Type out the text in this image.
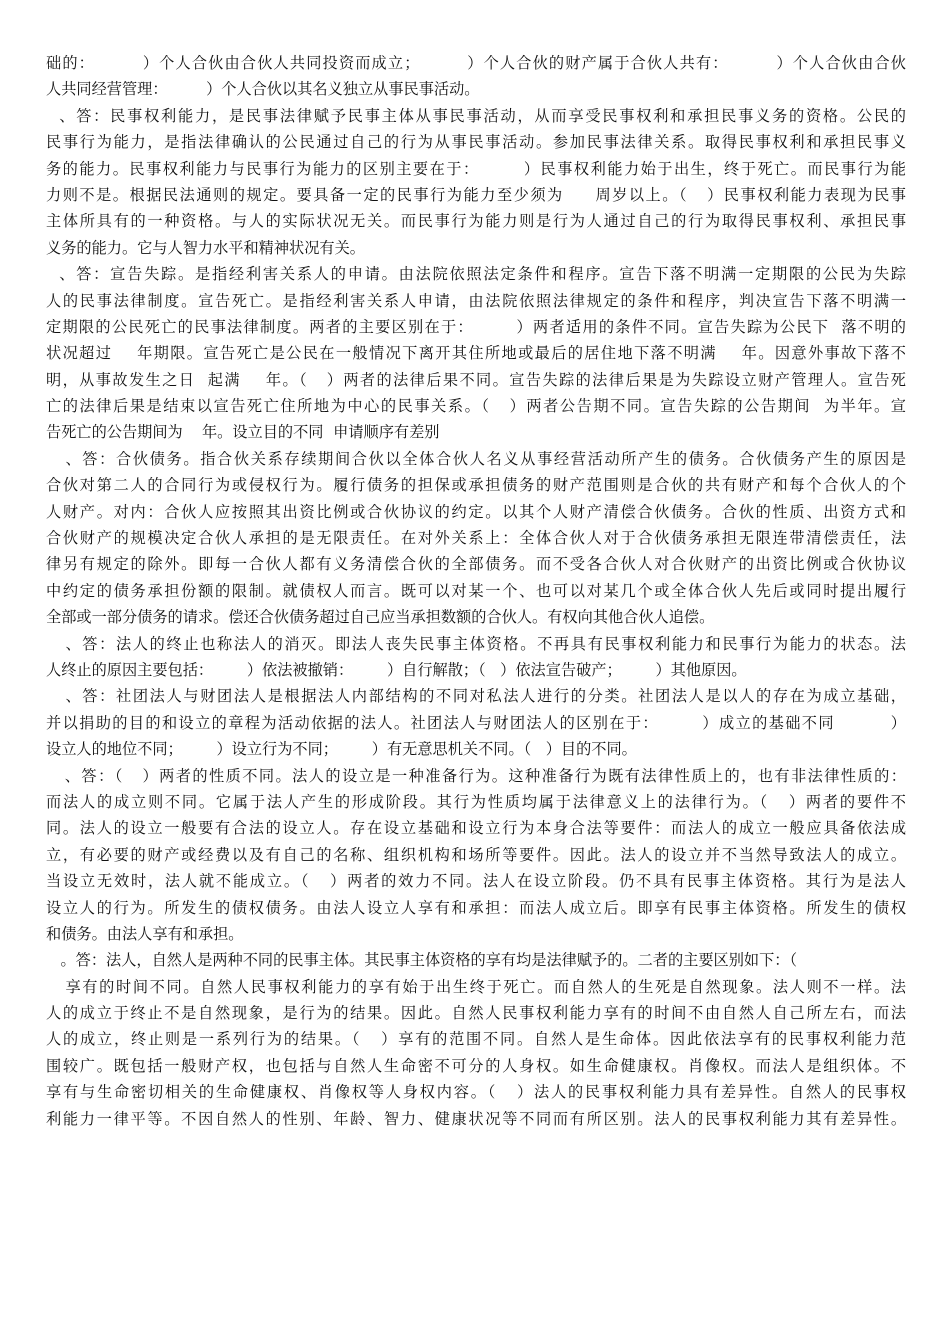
础的：        ）个人合伙由合伙人共同投资而成立；        ）个人合伙的财产属于合伙人共有：        ）个人合伙由合伙
人共同经营管理：        ）个人合伙以其名义独立从事民事活动。
、答：民事权利能力，是民事法律赋予民事主体从事民事活动，从而享受民事权利和承担民事义务的资格。公民的
民事行为能力，是指法律确认的公民通过自己的行为从事民事活动。参加民事法律关系。取得民事权利和承担民事义
务的能力。民事权利能力与民事行为能力的区别主要在于：       ）民事权利能力始于出生，终于死亡。而民事行为能
力则不是。根据民法通则的规定。要具备一定的民事行为能力至少须为     周岁以上。（   ）民事权利能力表现为民事
主体所具有的一种资格。与人的实际状况无关。而民事行为能力则是行为人通过自己的行为取得民事权利、承担民事
义务的能力。它与人智力水平和精神状况有关。
、答：宣告失踪。是指经利害关系人的申请。由法院依照法定条件和程序。宣告下落不明满一定期限的公民为失踪
人的民事法律制度。宣告死亡。是指经利害关系人申请，由法院依照法律规定的条件和程序，判决宣告下落不明满一
定期限的公民死亡的民事法律制度。两者的主要区别在于：       ）两者适用的条件不同。宣告失踪为公民下  落不明的
状况超过    年期限。宣告死亡是公民在一般情况下离开其住所地或最后的居住地下落不明满    年。因意外事故下落不
明，从事故发生之日  起满    年。（   ）两者的法律后果不同。宣告失踪的法律后果是为失踪设立财产管理人。宣告死
亡的法律后果是结束以宣告死亡住所地为中心的民事关系。（   ）两者公告期不同。宣告失踪的公告期间  为半年。宣
告死亡的公告期间为    年。设立目的不同  申请顺序有差别
、答：合伙债务。指合伙关系存续期间合伙以全体合伙人名义从事经营活动所产生的债务。合伙债务产生的原因是
合伙对第二人的合同行为或侵权行为。履行债务的担保或承担债务的财产范围则是合伙的共有财产和每个合伙人的个
人财产。对内：合伙人应按照其出资比例或合伙协议的约定。以其个人财产清偿合伙债务。合伙的性质、出资方式和
合伙财产的规模决定合伙人承担的是无限责任。在对外关系上：全体合伙人对于合伙债务承担无限连带清偿责任，法
律另有规定的除外。即每一合伙人都有义务清偿合伙的全部债务。而不受各合伙人对合伙财产的出资比例或合伙协议
中约定的债务承担份额的限制。就债权人而言。既可以对某一个、也可以对某几个或全体合伙人先后或同时提出履行
全部或一部分债务的请求。偿还合伙债务超过自己应当承担数额的合伙人。有权向其他合伙人追偿。
、答：法人的终止也称法人的消灭。即法人丧失民事主体资格。不再具有民事权利能力和民事行为能力的状态。法
人终止的原因主要包括：       ）依法被撤销：       ）自行解散；（   ）依法宣告破产；       ）其他原因。
、答：社团法人与财团法人是根据法人内部结构的不同对私法人进行的分类。社团法人是以人的存在为成立基础，
并以捐助的目的和设立的章程为活动依据的法人。社团法人与财团法人的区别在于：       ）成立的基础不同         ）
设立人的地位不同；       ）设立行为不同；       ）有无意思机关不同。（   ）目的不同。
、答：（   ）两者的性质不同。法人的设立是一种准备行为。这种准备行为既有法律性质上的，也有非法律性质的：
而法人的成立则不同。它属于法人产生的形成阶段。其行为性质均属于法律意义上的法律行为。（   ）两者的要件不
同。法人的设立一般要有合法的设立人。存在设立基础和设立行为本身合法等要件：而法人的成立一般应具备依法成
立，有必要的财产或经费以及有自己的名称、组织机构和场所等要件。因此。法人的设立并不当然导致法人的成立。
当设立无效时，法人就不能成立。（   ）两者的效力不同。法人在设立阶段。仍不具有民事主体资格。其行为是法人
设立人的行为。所发生的债权债务。由法人设立人享有和承担：而法人成立后。即享有民事主体资格。所发生的债权
和债务。由法人享有和承担。
。答：法人，自然人是两种不同的民事主体。其民事主体资格的享有均是法律赋予的。二者的主要区别如下：（
享有的时间不同。自然人民事权利能力的享有始于出生终于死亡。而自然人的生死是自然现象。法人则不一样。法
人的成立于终止不是自然现象，是行为的结果。因此。自然人民事权利能力享有的时间不由自然人自己所左右，而法
人的成立，终止则是一系列行为的结果。（   ）享有的范围不同。自然人是生命体。因此依法享有的民事权利能力范
围较广。既包括一般财产权，也包括与自然人生命密不可分的人身权。如生命健康权。肖像权。而法人是组织体。不
享有与生命密切相关的生命健康权、肖像权等人身权内容。（   ）法人的民事权利能力具有差异性。自然人的民事权
利能力一律平等。不因自然人的性别、年龄、智力、健康状况等不同而有所区别。法人的民事权利能力其有差异性。
